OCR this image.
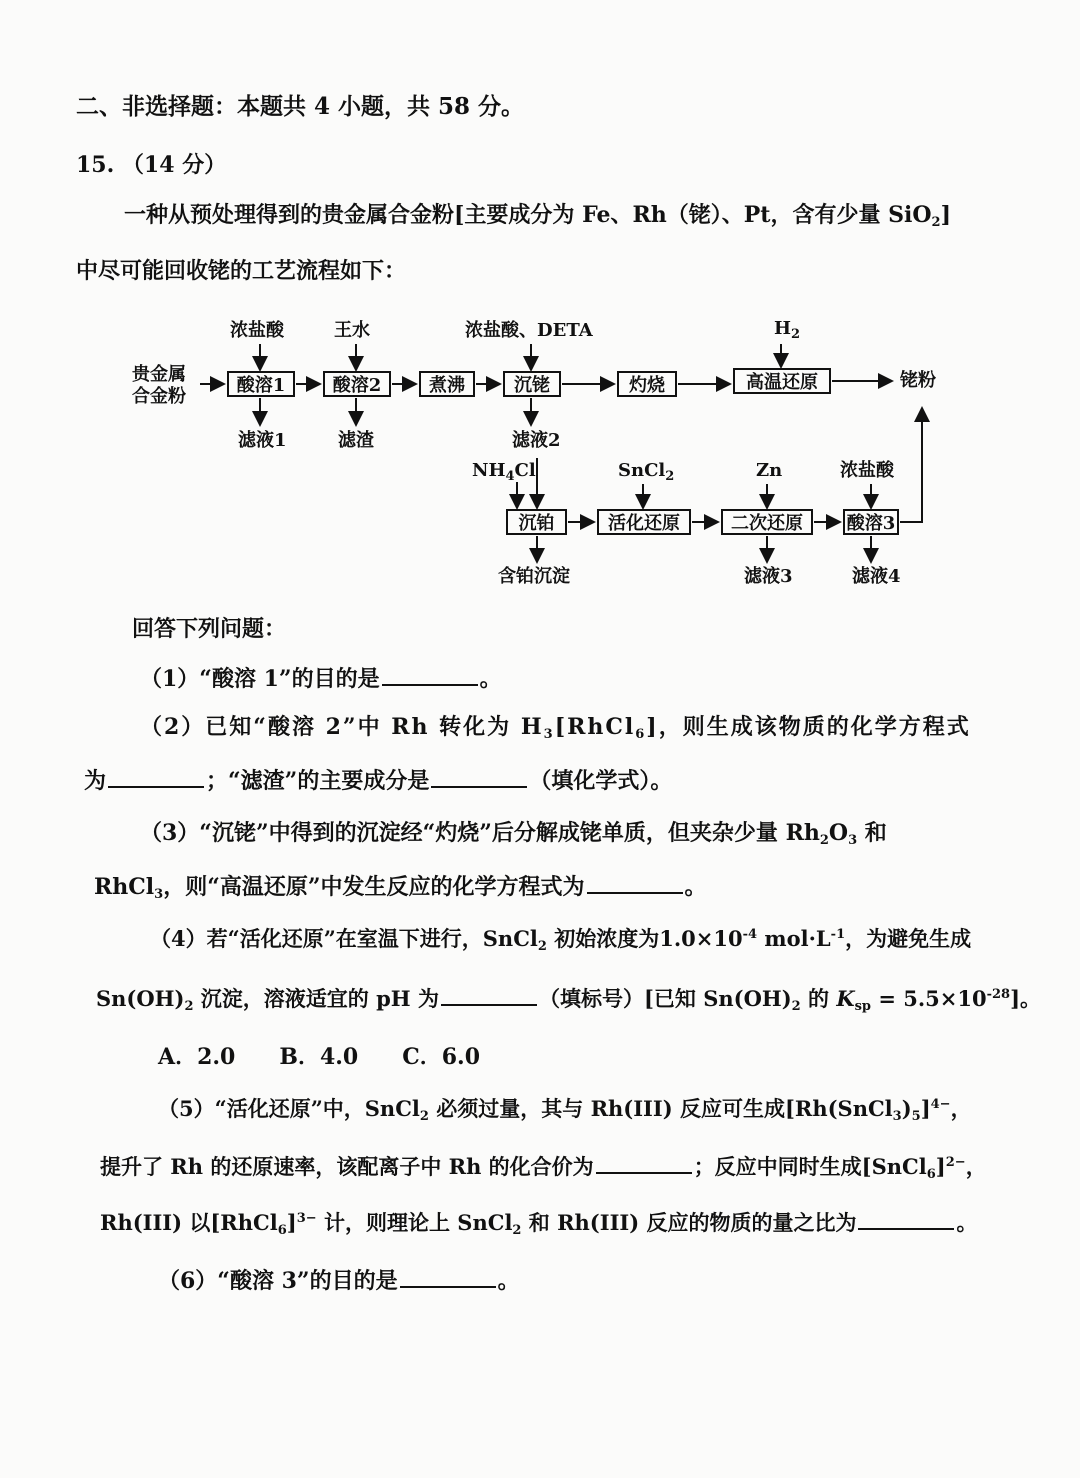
二、非选择题：本题共 4 小题，共 58 分。
15. （14 分）
一种从预处理得到的贵金属合金粉[主要成分为 Fe、Rh（铑）、Pt，含有少量 SiO$_2$]
中尽可能回收铑的工艺流程如下：
贵金属
合金粉
酸溶1	酸溶2	煮沸	沉铑	灼烧	高温还原
浓盐酸	王水	浓盐酸、DETA	$H_2$
滤液1	滤渣	滤液2
铑粉
沉铂	活化还原	二次还原	酸溶3
$NH_4Cl$	SnCl$_2$	Zn	浓盐酸
含铂沉淀	滤液3	滤液4
回答下列问题：
（1）“酸溶 1”的目的是	。
（2）已知“酸溶 2”中 Rh 转化为 $H_3[RhCl_6]$，则生成该物质的化学方程式
为	；“滤渣”的主要成分是	（填化学式）。
（3）“沉铑”中得到的沉淀经“灼烧”后分解成铑单质，但夹杂少量 $Rh_2O_3$ 和
RhCl$_3$，则“高温还原”中发生反应的化学方程式为	。
（4）若“活化还原”在室温下进行，SnCl$_2$ 初始浓度为$1.0\times 10^{-4}$ $mol\cdot L^{-1}$，为避免生成
$Sn(OH)_2$ 沉淀，溶液适宜的 pH 为	（填标号）[已知 $Sn(OH)_2$ 的 $K_{sp} = 5.5\times 10^{-28}$]。
A．2.0　　B．4.0　　C．6.0
（5）“活化还原”中，SnCl$_2$ 必须过量，其与 Rh(III) 反应可生成$[Rh(SnCl_3)_5]^{4-}$，
提升了 Rh 的还原速率，该配离子中 Rh 的化合价为	；反应中同时生成[SnCl$_6$]$^{2-}$，
Rh(III) 以[RhCl$_6$]$^{3-}$ 计，则理论上 SnCl$_2$ 和 Rh(III) 反应的物质的量之比为	。
（6）“酸溶 3”的目的是	。
